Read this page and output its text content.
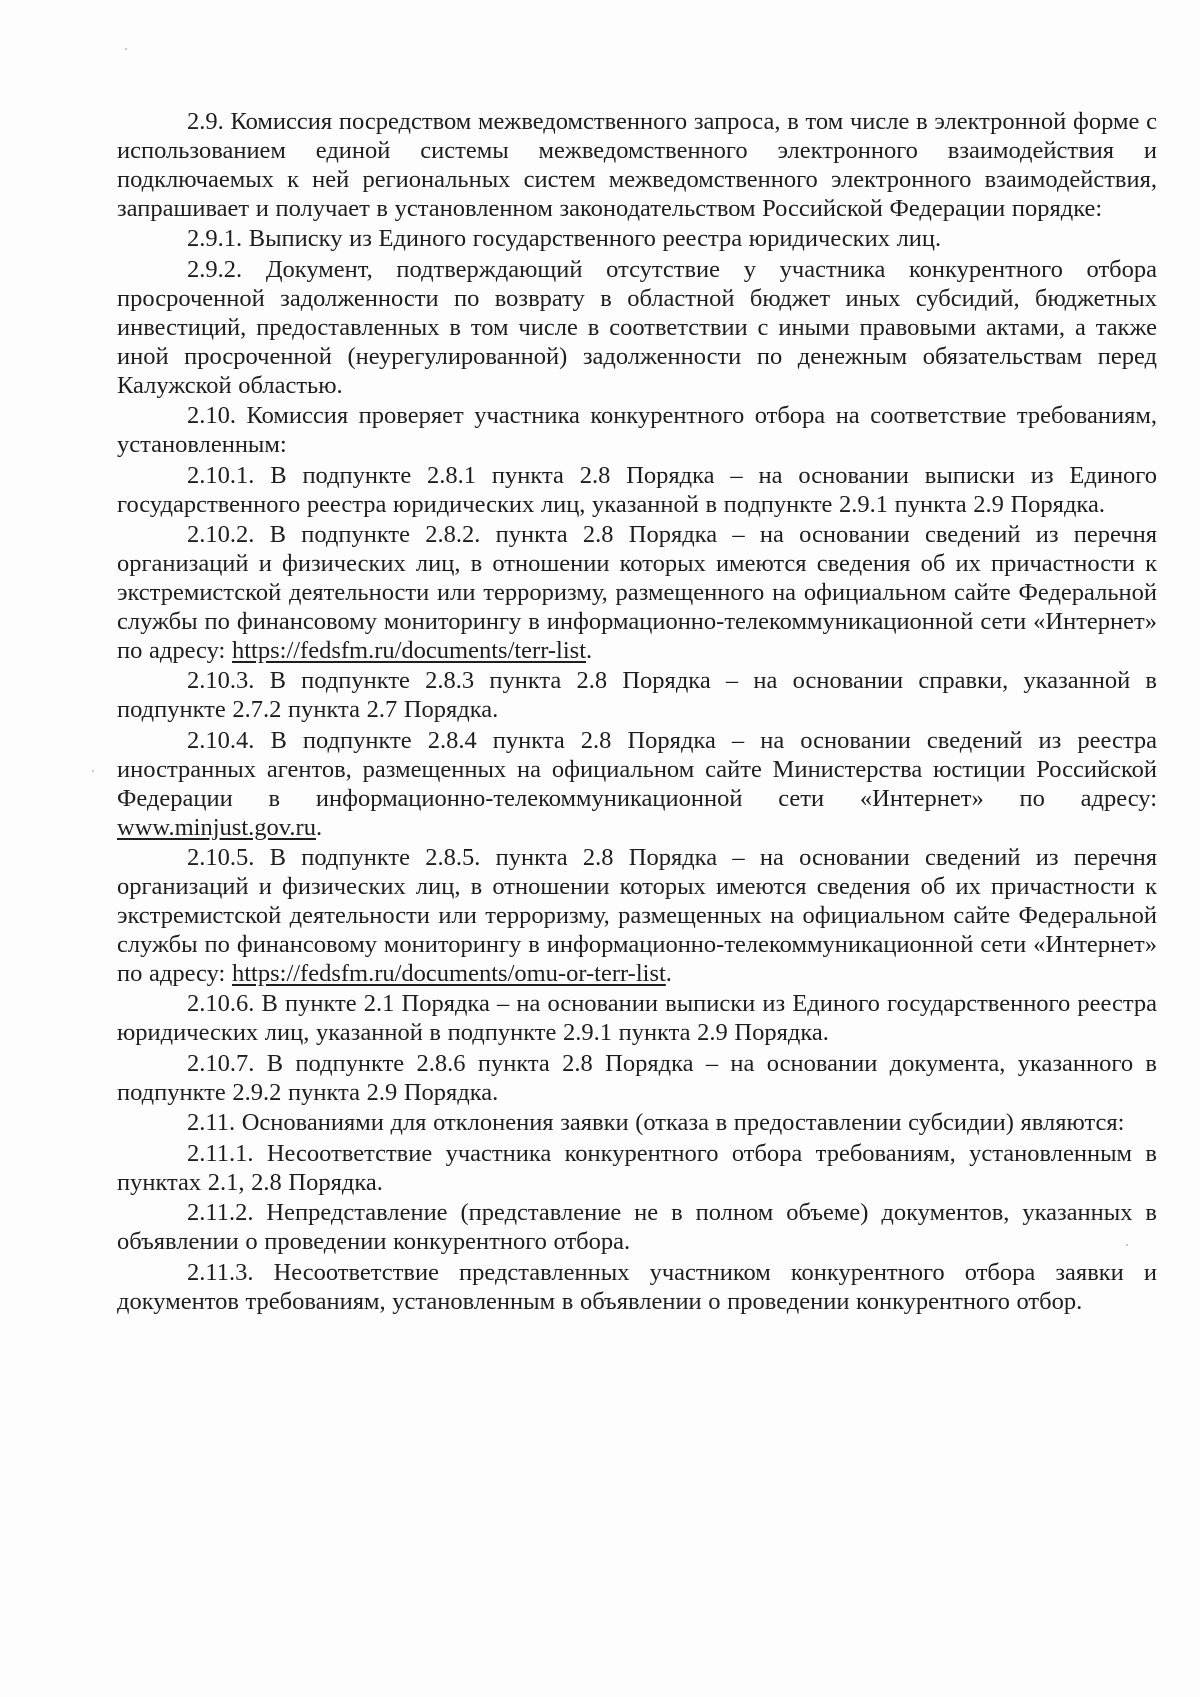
2.9. Комиссия посредством межведомственного запроса, в том числе в электронной форме с использованием единой системы межведомственного электронного взаимодействия и подключаемых к ней региональных систем межведомственного электронного взаимодействия, запрашивает и получает в установленном законодательством Российской Федерации порядке:

2.9.1. Выписку из Единого государственного реестра юридических лиц.

2.9.2. Документ, подтверждающий отсутствие у участника конкурентного отбора просроченной задолженности по возврату в областной бюджет иных субсидий, бюджетных инвестиций, предоставленных в том числе в соответствии с иными правовыми актами, а также иной просроченной (неурегулированной) задолженности по денежным обязательствам перед Калужской областью.

2.10. Комиссия проверяет участника конкурентного отбора на соответствие требованиям, установленным:

2.10.1. В подпункте 2.8.1 пункта 2.8 Порядка – на основании выписки из Единого государственного реестра юридических лиц, указанной в подпункте 2.9.1 пункта 2.9 Порядка.

2.10.2. В подпункте 2.8.2. пункта 2.8 Порядка – на основании сведений из перечня организаций и физических лиц, в отношении которых имеются сведения об их причастности к экстремистской деятельности или терроризму, размещенного на официальном сайте Федеральной службы по финансовому мониторингу в информационно-телекоммуникационной сети «Интернет» по адресу: https://fedsfm.ru/documents/terr-list.

2.10.3. В подпункте 2.8.3 пункта 2.8 Порядка – на основании справки, указанной в подпункте 2.7.2 пункта 2.7 Порядка.

2.10.4. В подпункте 2.8.4 пункта 2.8 Порядка – на основании сведений из реестра иностранных агентов, размещенных на официальном сайте Министерства юстиции Российской Федерации в информационно-телекоммуникационной сети «Интернет» по адресу: www.minjust.gov.ru.

2.10.5. В подпункте 2.8.5. пункта 2.8 Порядка – на основании сведений из перечня организаций и физических лиц, в отношении которых имеются сведения об их причастности к экстремистской деятельности или терроризму, размещенных на официальном сайте Федеральной службы по финансовому мониторингу в информационно-телекоммуникационной сети «Интернет» по адресу: https://fedsfm.ru/documents/omu-or-terr-list.

2.10.6. В пункте 2.1 Порядка – на основании выписки из Единого государственного реестра юридических лиц, указанной в подпункте 2.9.1 пункта 2.9 Порядка.

2.10.7. В подпункте 2.8.6 пункта 2.8 Порядка – на основании документа, указанного в подпункте 2.9.2 пункта 2.9 Порядка.

2.11. Основаниями для отклонения заявки (отказа в предоставлении субсидии) являются:

2.11.1. Несоответствие участника конкурентного отбора требованиям, установленным в пунктах 2.1, 2.8 Порядка.

2.11.2. Непредставление (представление не в полном объеме) документов, указанных в объявлении о проведении конкурентного отбора.

2.11.3. Несоответствие представленных участником конкурентного отбора заявки и документов требованиям, установленным в объявлении о проведении конкурентного отбор.
